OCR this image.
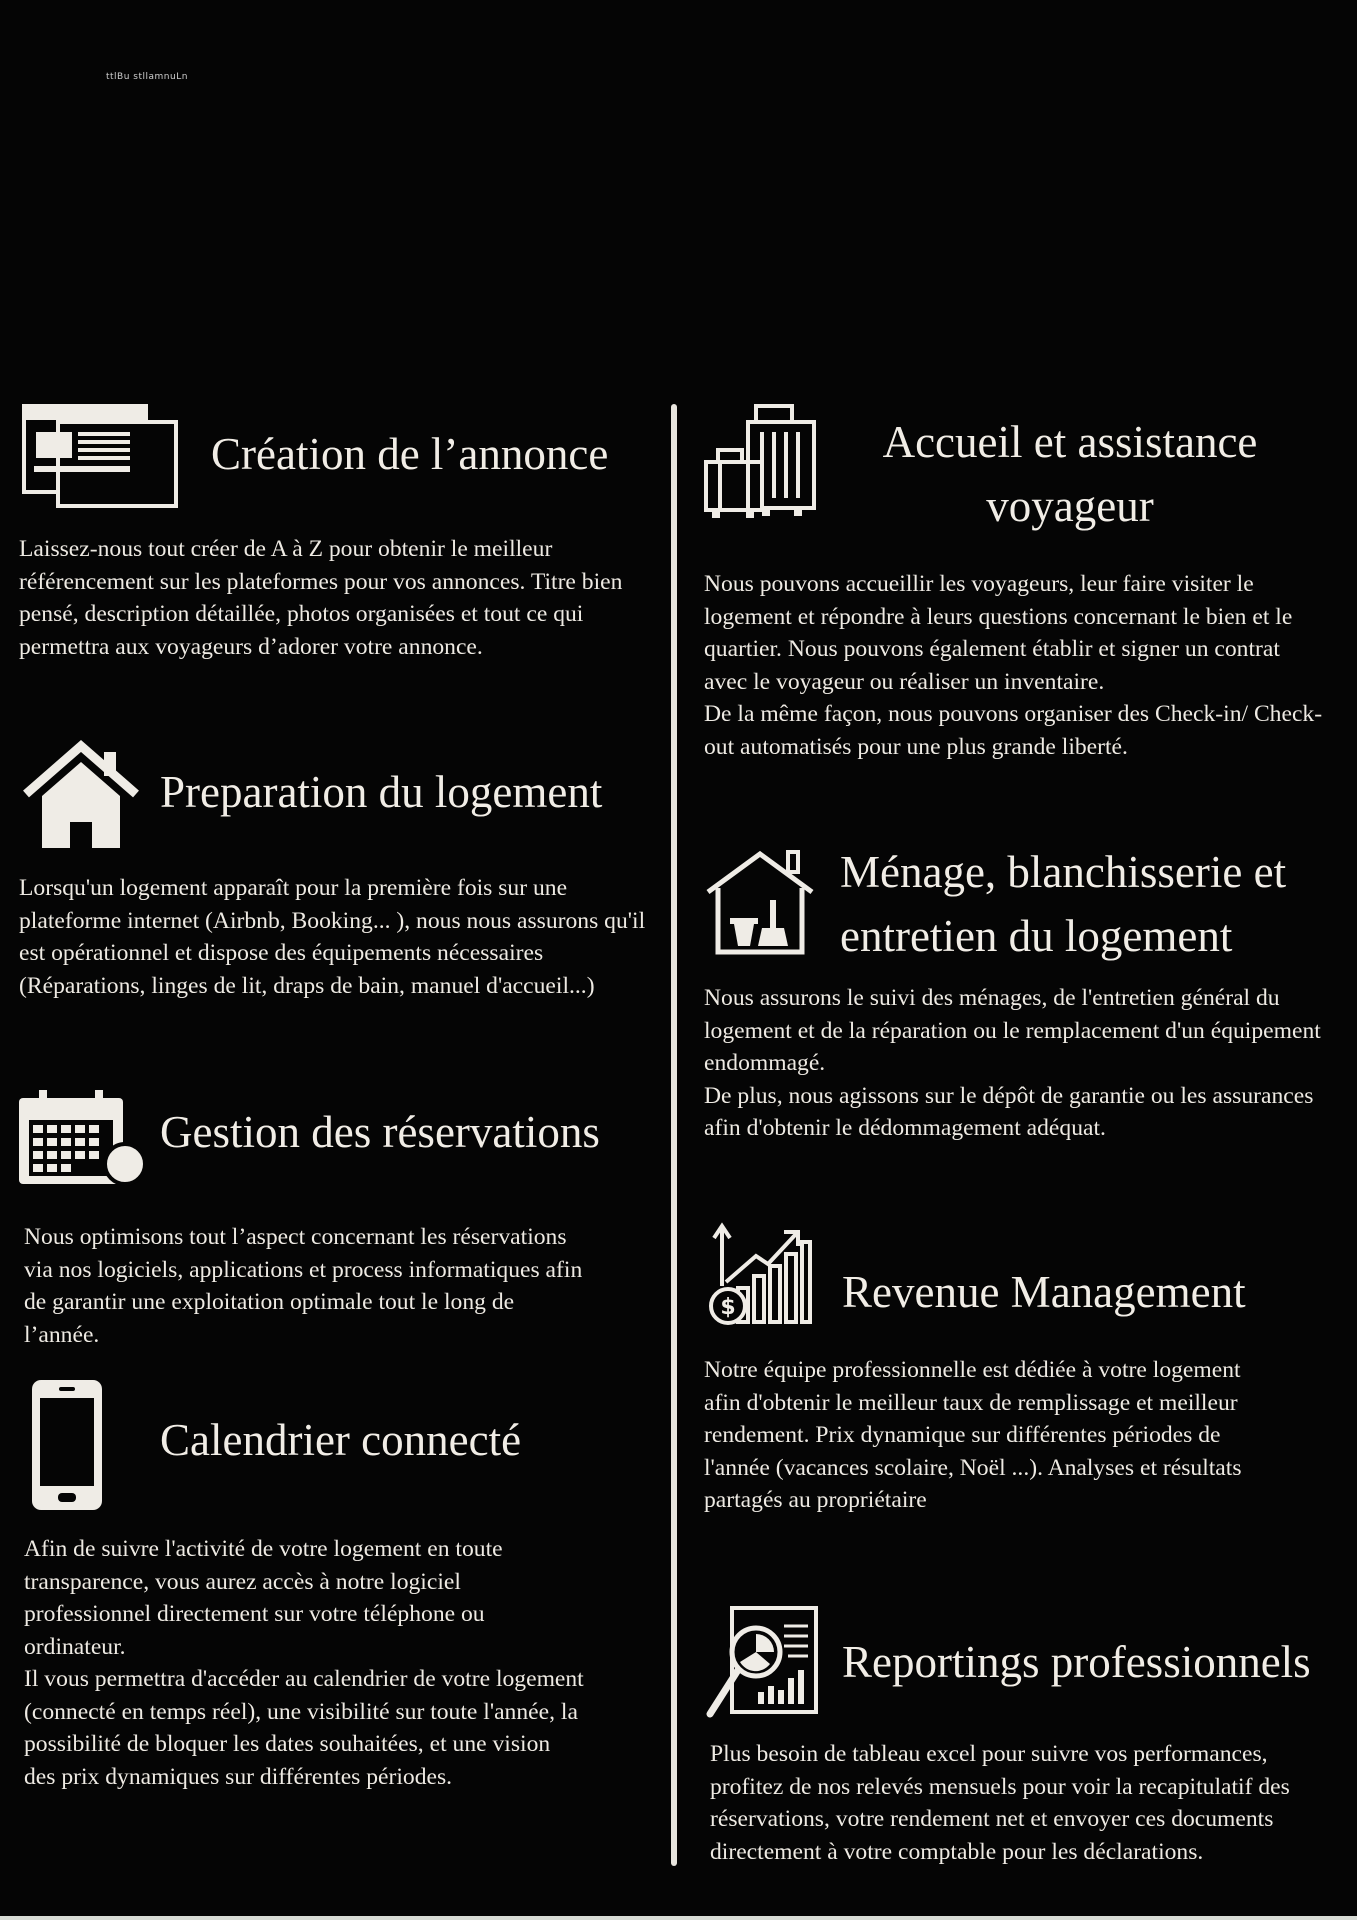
ttlBu stllamnuLn
Création de l’annonce
Laissez-nous tout créer de A à Z pour obtenir le meilleur référencement sur les plateformes pour vos annonces. Titre bien pensé, description détaillée, photos organisées et tout ce qui permettra aux voyageurs d’adorer votre annonce.
Preparation du logement
Lorsqu'un logement apparaît pour la première fois sur une plateforme internet (Airbnb, Booking... ), nous nous assurons qu'il est opérationnel et dispose des équipements nécessaires (Réparations, linges de lit, draps de bain, manuel d'accueil...)
Gestion des réservations
Nous optimisons tout l’aspect concernant les réservations via nos logiciels, applications et process informatiques afin de garantir une exploitation optimale tout le long de l’année.
Calendrier connecté
Afin de suivre l'activité de votre logement en toute transparence, vous aurez accès à notre logiciel professionnel directement sur votre téléphone ou ordinateur.
Il vous permettra d'accéder au calendrier de votre logement (connecté en temps réel), une visibilité sur toute l'année, la possibilité de bloquer les dates souhaitées, et une vision des prix dynamiques sur différentes périodes.
Accueil et assistance voyageur
Nous pouvons accueillir les voyageurs, leur faire visiter le logement et répondre à leurs questions concernant le bien et le quartier. Nous pouvons également établir et signer un contrat avec le voyageur ou réaliser un inventaire.
De la même façon, nous pouvons organiser des Check-in/ Check-out automatisés pour une plus grande liberté.
Ménage, blanchisserie et entretien du logement
Nous assurons le suivi des ménages, de l'entretien général du logement et de la réparation ou le remplacement d'un équipement endommagé.
De plus, nous agissons sur le dépôt de garantie ou les assurances afin d'obtenir le dédommagement adéquat.
$ Revenue Management
Notre équipe professionnelle est dédiée à votre logement afin d'obtenir le meilleur taux de remplissage et meilleur rendement. Prix dynamique sur différentes périodes de l'année (vacances scolaire, Noël ...). Analyses et résultats partagés au propriétaire
Reportings professionnels
Plus besoin de tableau excel pour suivre vos performances, profitez de nos relevés mensuels pour voir la recapitulatif des réservations, votre rendement net et envoyer ces documents directement à votre comptable pour les déclarations.
